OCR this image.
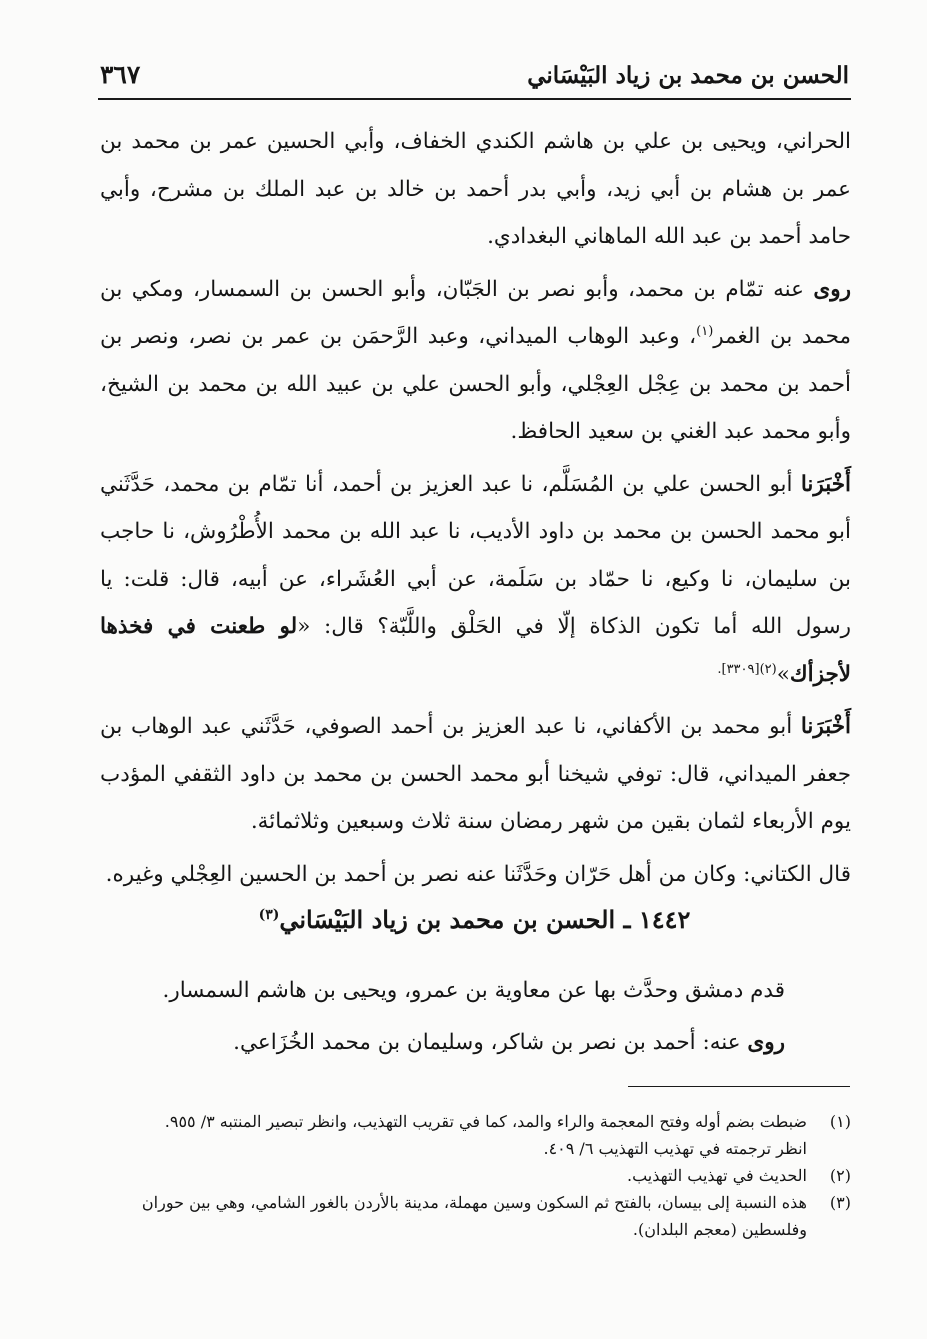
الحسن بن محمد بن زياد البَيْسَاني
٣٦٧

الحراني، ويحيى بن علي بن هاشم الكندي الخفاف، وأبي الحسين عمر بن محمد بن عمر بن هشام بن أبي زيد، وأبي بدر أحمد بن خالد بن عبد الملك بن مشرح، وأبي حامد أحمد بن عبد الله الماهاني البغدادي.

روى عنه تمّام بن محمد، وأبو نصر بن الجَبّان، وأبو الحسن بن السمسار، ومكي بن محمد بن الغمر$^{(١)}$، وعبد الوهاب الميداني، وعبد الرَّحمَن بن عمر بن نصر، ونصر بن أحمد بن محمد بن عِجْل العِجْلي، وأبو الحسن علي بن عبيد الله بن محمد بن الشيخ، وأبو محمد عبد الغني بن سعيد الحافظ.

أَخْبَرَنا أبو الحسن علي بن المُسَلَّم، نا عبد العزيز بن أحمد، أنا تمّام بن محمد، حَدَّثَني أبو محمد الحسن بن محمد بن داود الأديب، نا عبد الله بن محمد الأُطْرُوش، نا حاجب بن سليمان، نا وكيع، نا حمّاد بن سَلَمة، عن أبي العُشَراء، عن أبيه، قال: قلت: يا رسول الله أما تكون الذكاة إلّا في الحَلْق واللَّبّة؟ قال: «لو طعنت في فخذها لأجزأك»$^{(٢)[٣٣٠٩].}$

أَخْبَرَنا أبو محمد بن الأكفاني، نا عبد العزيز بن أحمد الصوفي، حَدَّثَني عبد الوهاب بن جعفر الميداني، قال: توفي شيخنا أبو محمد الحسن بن محمد بن داود الثقفي المؤدب يوم الأربعاء لثمان بقين من شهر رمضان سنة ثلاث وسبعين وثلاثمائة.

قال الكتاني: وكان من أهل حَرّان وحَدَّثَنا عنه نصر بن أحمد بن الحسين العِجْلي وغيره.

١٤٤٢ ـ الحسن بن محمد بن زياد البَيْسَاني$^{(٣)}$

قدم دمشق وحدَّث بها عن معاوية بن عمرو، ويحيى بن هاشم السمسار.

روى عنه: أحمد بن نصر بن شاكر، وسليمان بن محمد الخُزَاعي.

(١)
ضبطت بضم أوله وفتح المعجمة والراء والمد، كما في تقريب التهذيب، وانظر تبصير المنتبه ٣/ ٩٥٥.
انظر ترجمته في تهذيب التهذيب ٦/ ٤٠٩.
(٢)
الحديث في تهذيب التهذيب.
(٣)
هذه النسبة إلى بيسان، بالفتح ثم السكون وسين مهملة، مدينة بالأردن بالغور الشامي، وهي بين حوران
وفلسطين (معجم البلدان).
